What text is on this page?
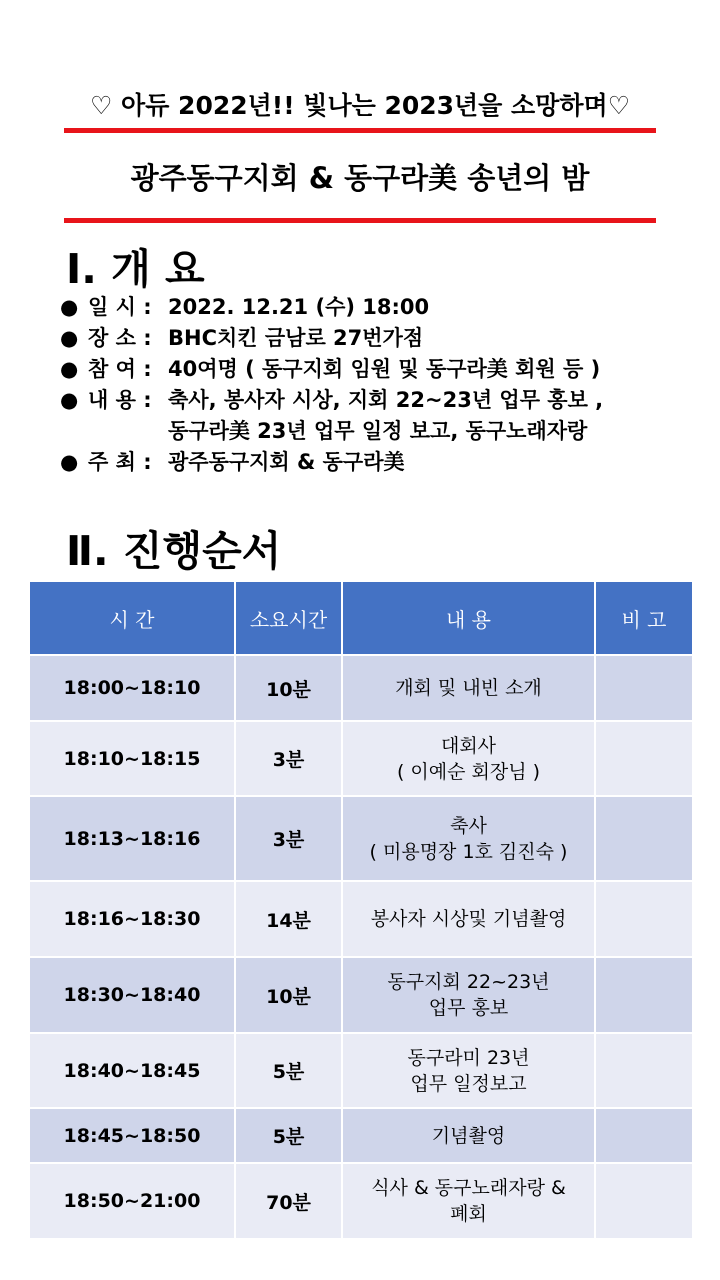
♡ 아듀 2022년!! 빛나는 2023년을 소망하며♡
광주동구지회 & 동구라美 송년의 밤
Ⅰ. 개 요
● 일 시 : 2022. 12.21 (수) 18:00
● 장 소 : BHC치킨 금남로 27번가점
● 참 여 : 40여명 ( 동구지회 임원 및 동구라美 회원 등 )
● 내 용 : 축사, 봉사자 시상, 지회 22~23년 업무 홍보 ,
동구라美 23년 업무 일정 보고, 동구노래자랑
● 주 최 : 광주동구지회 & 동구라美
Ⅱ. 진행순서
시 간	소요시간	내 용	비 고
18:00~18:10	10분	개회 및 내빈 소개	

18:10~18:15	3분	대회사
( 이예순 회장님 )	

18:13~18:16	3분	축사
( 미용명장 1호 김진숙 )	

18:16~18:30	14분	봉사자 시상및 기념촬영	

18:30~18:40	10분	동구지회 22~23년
업무 홍보	

18:40~18:45	5분	동구라미 23년
업무 일정보고	

18:45~18:50	5분	기념촬영	

18:50~21:00	70분	식사 & 동구노래자랑 &
폐회	
